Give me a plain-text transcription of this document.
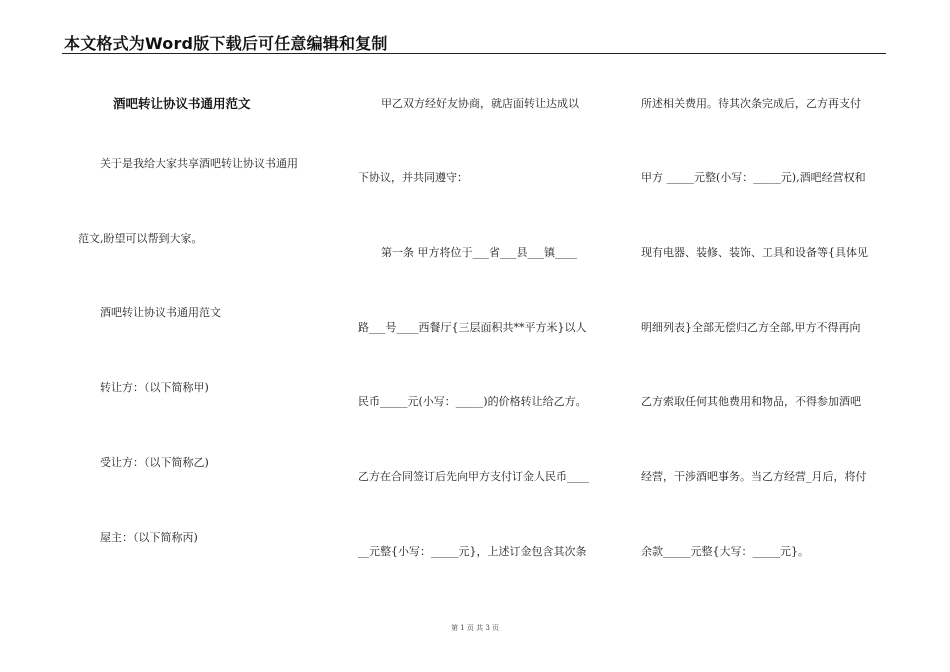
本文格式为Word版下载后可任意编辑和复制
酒吧转让协议书通用范文
关于是我给大家共享酒吧转让协议书通用
范文,盼望可以帮到大家。
酒吧转让协议书通用范文
转让方：（以下简称甲)
受让方：（以下简称乙)
屋主：（以下简称丙)
甲乙双方经好友协商，就店面转让达成以
下协议，并共同遵守：
第一条 甲方将位于___省___县___镇____
路___号____西餐厅{三层面积共**平方米}以人
民币_____元(小写：_____)的价格转让给乙方。
乙方在合同签订后先向甲方支付订金人民币____
__元整{小写：_____元}，上述订金包含其次条
所述相关费用。待其次条完成后，乙方再支付
甲方 _____元整(小写：_____元),酒吧经营权和
现有电器、装修、装饰、工具和设备等{具体见
明细列表}全部无偿归乙方全部,甲方不得再向
乙方索取任何其他费用和物品，不得参加酒吧
经营，干涉酒吧事务。当乙方经营_月后，将付
余款_____元整{大写：_____元}。
第 1 页 共 3 页
